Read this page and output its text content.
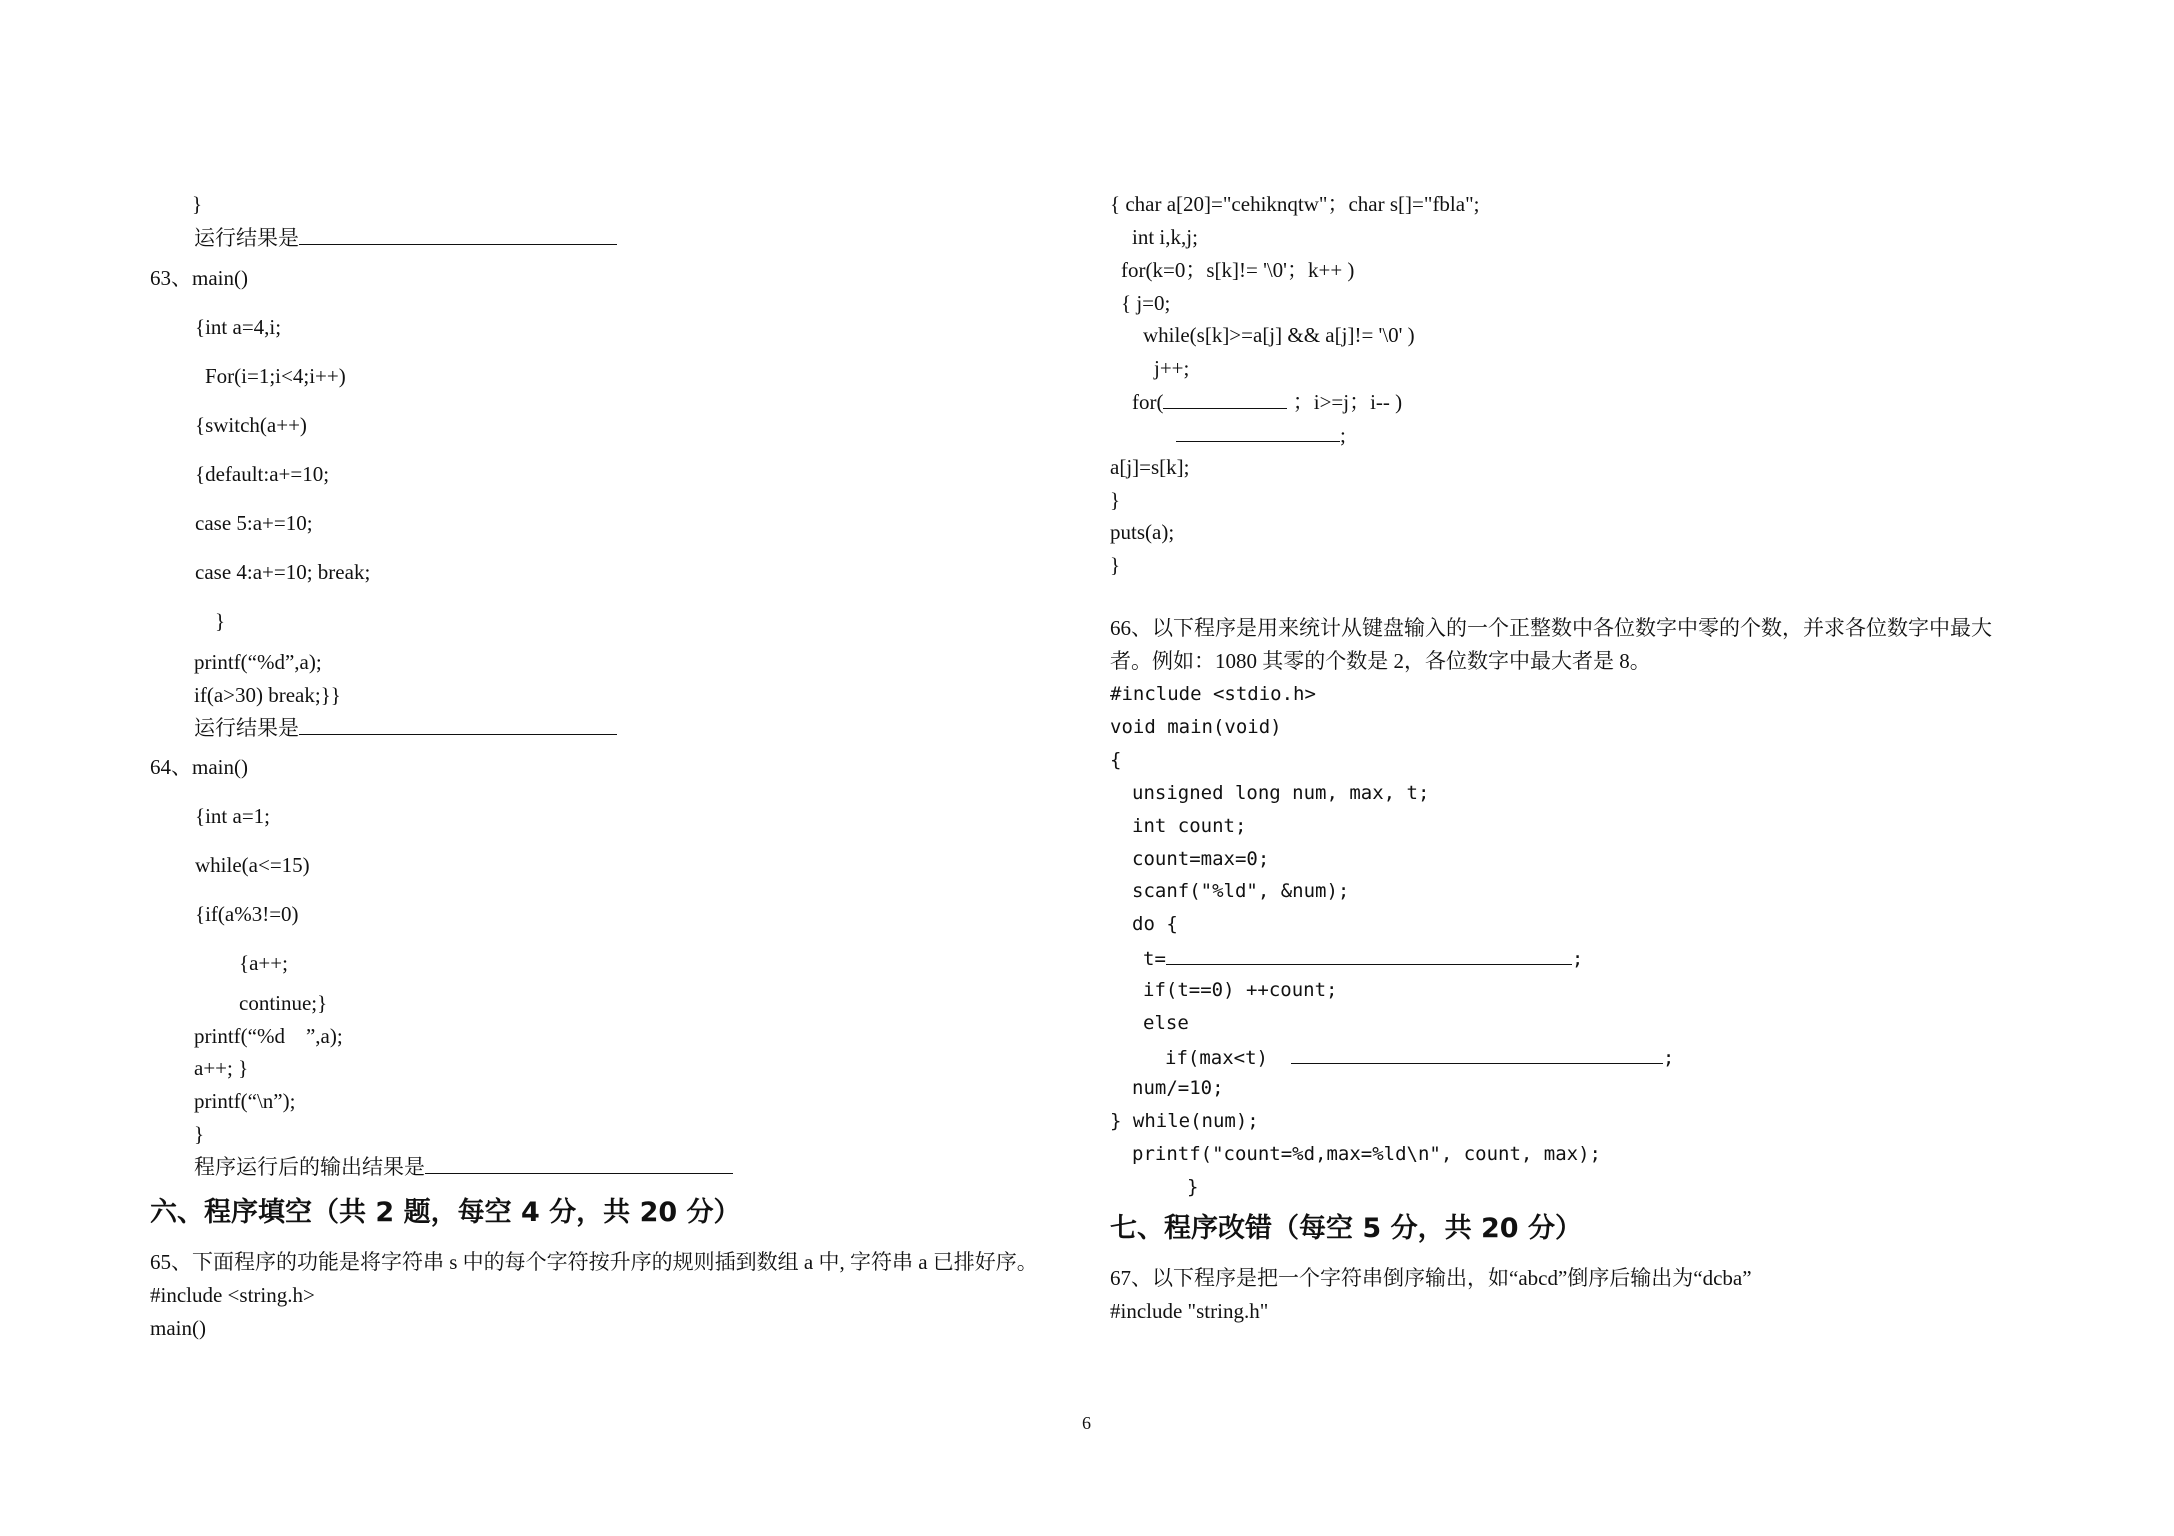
}
运行结果是
63、main()
{int a=4,i;
For(i=1;i<4;i++)
{switch(a++)
{default:a+=10;
case 5:a+=10;
case 4:a+=10; break;
}
printf(“%d”,a);
if(a>30) break;}}
运行结果是
64、main()
{int a=1;
while(a<=15)
{if(a%3!=0)
{a++;
continue;}
printf(“%d    ”,a);
a++; }
printf(“\n”);
}
程序运行后的输出结果是
六、程序填空（共 2 题，每空 4 分，共 20 分）
65、下面程序的功能是将字符串 s 中的每个字符按升序的规则插到数组 a 中, 字符串 a 已排好序。
#include <string.h>
main()
{ char a[20]="cehiknqtw"；char s[]="fbla";
int i,k,j;
for(k=0；s[k]!= '\0'；k++ )
{ j=0;
while(s[k]>=a[j] && a[j]!= '\0' )
j++;
for(	；i>=j；i-- )
;
a[j]=s[k];
}
puts(a);
}
66、以下程序是用来统计从键盘输入的一个正整数中各位数字中零的个数，并求各位数字中最大
者。例如：1080 其零的个数是 2，各位数字中最大者是 8。
#include <stdio.h>
void main(void)
{
unsigned long num, max, t;
int count;
count=max=0;
scanf("%ld", &num);
do {
t=	;
if(t==0) ++count;
else
if(max<t)	;
num/=10;
} while(num);
printf("count=%d,max=%ld\n", count, max);
}
七、程序改错（每空 5 分，共 20 分）
67、以下程序是把一个字符串倒序输出，如“abcd”倒序后输出为“dcba”
#include "string.h"
6
